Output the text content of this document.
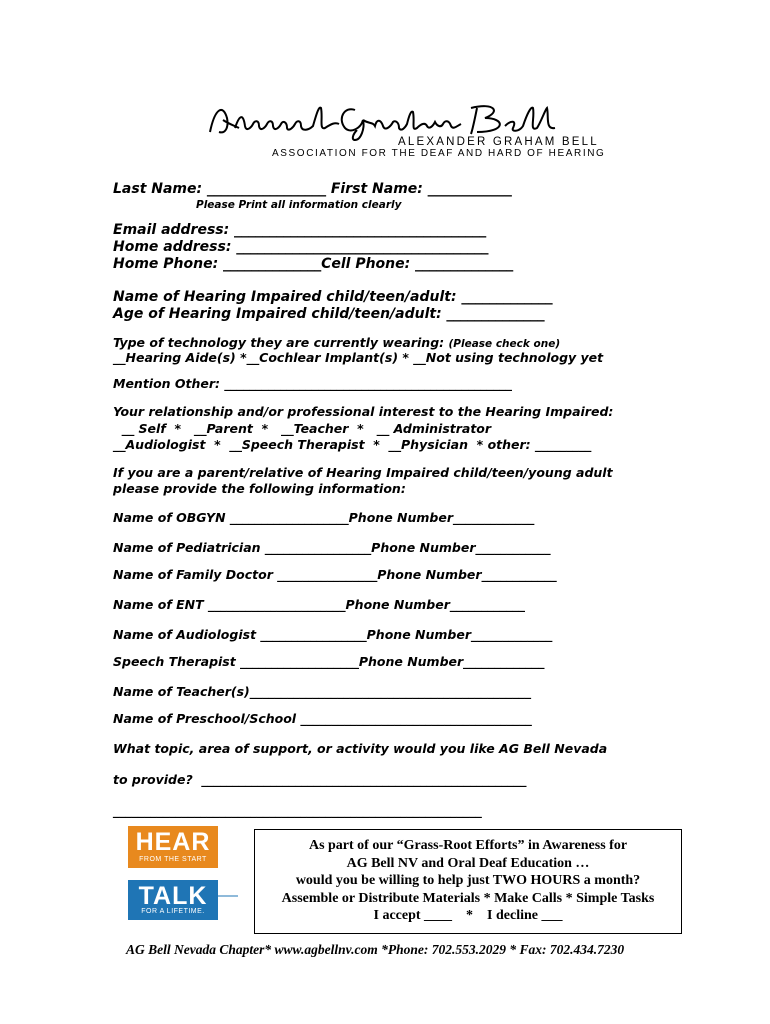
ALEXANDER GRAHAM BELL
ASSOCIATION FOR THE DEAF AND HARD OF HEARING
Last Name: _________________ First Name: ____________
Please Print all information clearly
Email address: ____________________________________
Home address: ____________________________________
Home Phone: ______________Cell Phone: ______________
Name of Hearing Impaired child/teen/adult: _____________
Age of Hearing Impaired child/teen/adult: ______________
Type of technology they are currently wearing: (Please check one)
__Hearing Aide(s) *__Cochlear Implant(s) * __Not using technology yet
Mention Other: ______________________________________________
Your relationship and/or professional interest to the Hearing Impaired:
__ Self  *   __Parent  *   __Teacher  *   __ Administrator
__Audiologist  *  __Speech Therapist  *  __Physician  * other: _________
If you are a parent/relative of Hearing Impaired child/teen/young adult
please provide the following information:
Name of OBGYN ___________________Phone Number_____________
Name of Pediatrician _________________Phone Number____________
Name of Family Doctor ________________Phone Number____________
Name of ENT ______________________Phone Number____________
Name of Audiologist _________________Phone Number_____________
Speech Therapist ___________________Phone Number_____________
Name of Teacher(s)_____________________________________________
Name of Preschool/School _____________________________________
What topic, area of support, or activity would you like AG Bell Nevada
to provide?  ____________________________________________________
___________________________________________________________

HEAR

FROM THE START

TALK

FOR A LIFETIME.

As part of our “Grass-Root Efforts” in Awareness for

AG Bell NV and Oral Deaf Education …

would you be willing to help just TWO HOURS a month?

Assemble or Distribute Materials * Make Calls * Simple Tasks

I accept ____    *    I decline ___

AG Bell Nevada Chapter* www.agbellnv.com *Phone: 702.553.2029 * Fax: 702.434.7230
